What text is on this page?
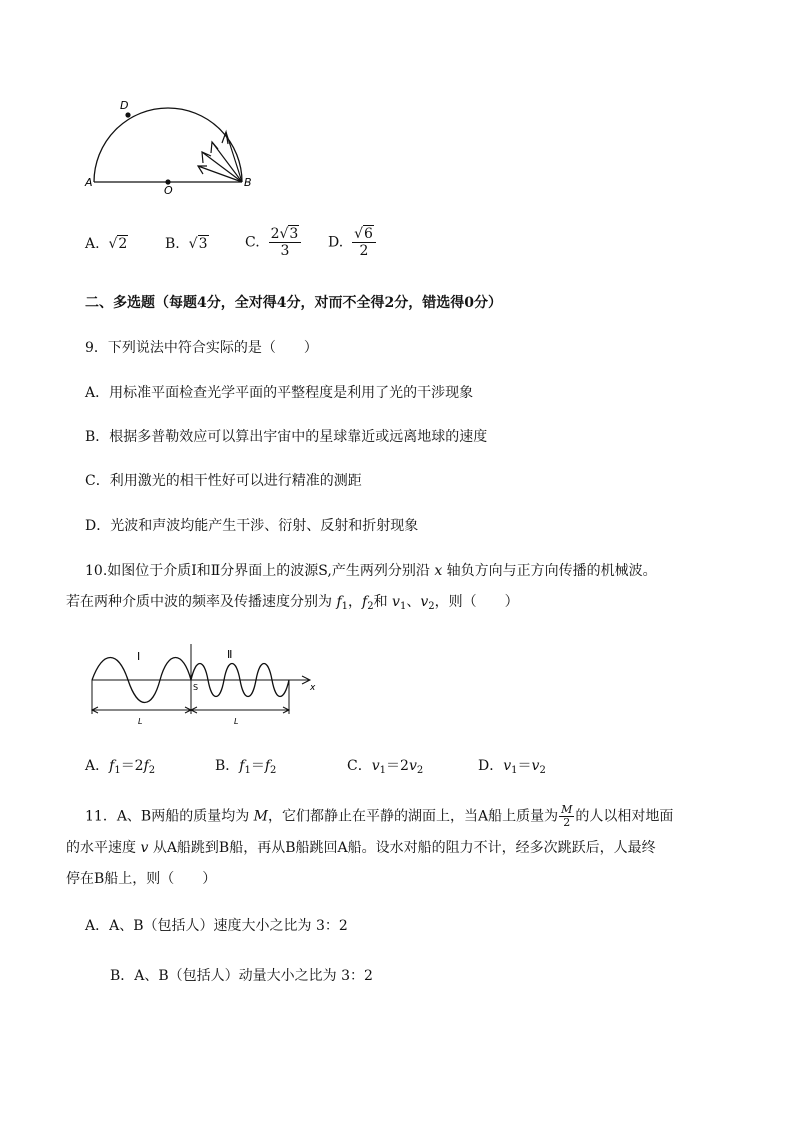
A	B
D
O
A. √2	B. √3	C. $\frac{2√3}{3} D$. $\frac{√6}{2}$
二、多选题（每题4分，全对得4分，对而不全得2分，错选得0分）
9．下列说法中符合实际的是（　　）
A．用标准平面检查光学平面的平整程度是利用了光的干涉现象
B．根据多普勒效应可以算出宇宙中的星球靠近或远离地球的速度
C．利用激光的相干性好可以进行精准的测距
D．光波和声波均能产生干涉、衍射、反射和折射现象
10.如图位于介质Ⅰ和Ⅱ分界面上的波源S,产生两列分别沿 x 轴负方向与正方向传播的机械波。
若在两种介质中波的频率及传播速度分别为 $f_1$，$f_2$和 $v_1$、$v_2$，则（　　）
Ⅰ	Ⅱ
S	x
L	L
A．$f_1=2f_2$	B．$f_1=f_2$	C．$v_1=2v_2$	D．$v_1=v_2$
11．A、B两船的质量均为 M，它们都静止在平静的湖面上，当A船上质量为 $\frac{M}{2}$ 的人以相对地面
的水平速度 v 从A船跳到B船，再从B船跳回A船。设水对船的阻力不计，经多次跳跃后，人最终
停在B船上，则（　　）
A．A、B（包括人）速度大小之比为 3：2
B．A、B（包括人）动量大小之比为 3：2
